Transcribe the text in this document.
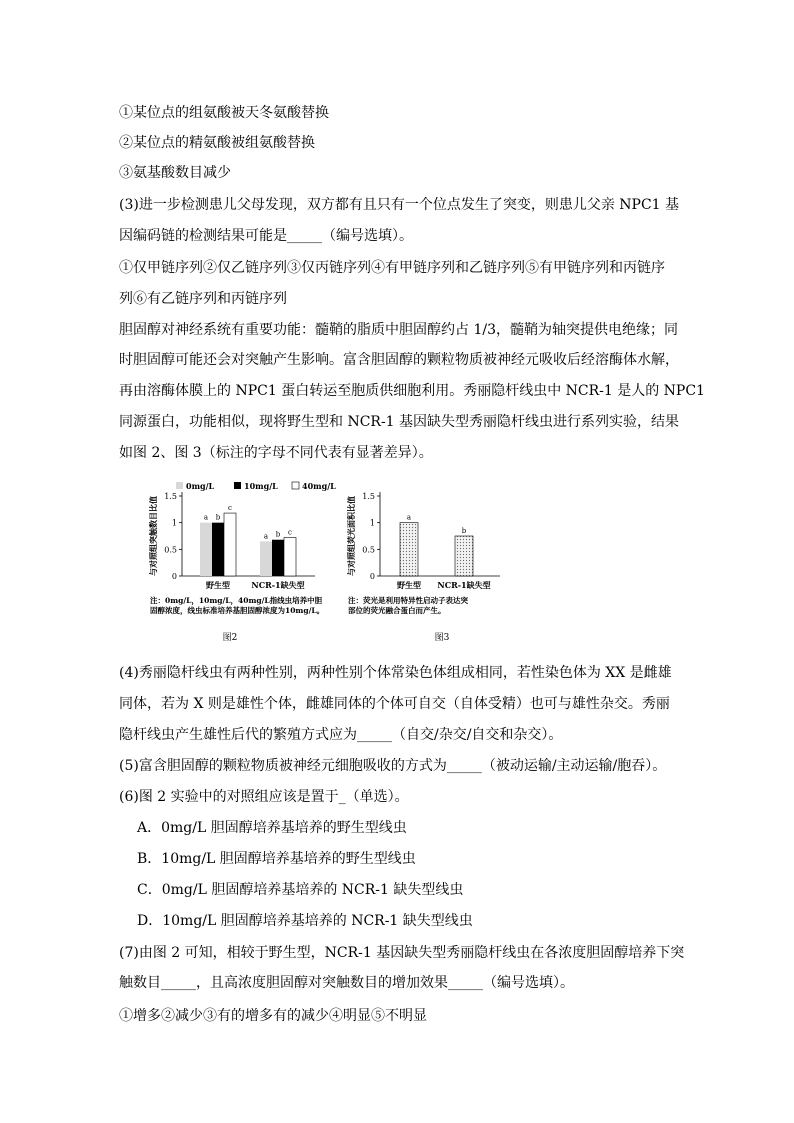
①某位点的组氨酸被天冬氨酸替换
②某位点的精氨酸被组氨酸替换
③氨基酸数目减少
(3)进一步检测患儿父母发现，双方都有且只有一个位点发生了突变，则患儿父亲 NPC1 基
因编码链的检测结果可能是_____（编号选填）。
①仅甲链序列②仅乙链序列③仅丙链序列④有甲链序列和乙链序列⑤有甲链序列和丙链序
列⑥有乙链序列和丙链序列
胆固醇对神经系统有重要功能：髓鞘的脂质中胆固醇约占 1/3，髓鞘为轴突提供电绝缘；同
时胆固醇可能还会对突触产生影响。富含胆固醇的颗粒物质被神经元吸收后经溶酶体水解，
再由溶酶体膜上的 NPC1 蛋白转运至胞质供细胞利用。秀丽隐杆线虫中 NCR-1 是人的 NPC1
同源蛋白，功能相似，现将野生型和 NCR-1 基因缺失型秀丽隐杆线虫进行系列实验，结果
如图 2、图 3（标注的字母不同代表有显著差异）。
(4)秀丽隐杆线虫有两种性别，两种性别个体常染色体组成相同，若性染色体为 XX 是雌雄
同体，若为 X 则是雄性个体，雌雄同体的个体可自交（自体受精）也可与雄性杂交。秀丽
隐杆线虫产生雄性后代的繁殖方式应为_____（自交/杂交/自交和杂交）。
(5)富含胆固醇的颗粒物质被神经元细胞吸收的方式为_____（被动运输/主动运输/胞吞）。
(6)图 2 实验中的对照组应该是置于_（单选）。
A．0mg/L 胆固醇培养基培养的野生型线虫
B．10mg/L 胆固醇培养基培养的野生型线虫
C．0mg/L 胆固醇培养基培养的 NCR-1 缺失型线虫
D．10mg/L 胆固醇培养基培养的 NCR-1 缺失型线虫
(7)由图 2 可知，相较于野生型，NCR-1 基因缺失型秀丽隐杆线虫在各浓度胆固醇培养下突
触数目_____，且高浓度胆固醇对突触数目的增加效果_____（编号选填）。
①增多②减少③有的增多有的减少④明显⑤不明显
0mg/L	10mg/L	40mg/L
0
0.5
1
1.5
与对照组突触数目比值	a b
c
野生型
a b c
NCR-1缺失型
注：0mg/L，10mg/L，40mg/L指线虫培养中胆
固醇浓度，线虫标准培养基胆固醇浓度为10mg/L。
图2
0
0.5
1
1.5
与对照组荧光面积比值	a
野生型
b
NCR-1缺失型
注：荧光是利用特异性启动子表达突
部位的荧光融合蛋白而产生。
图3
